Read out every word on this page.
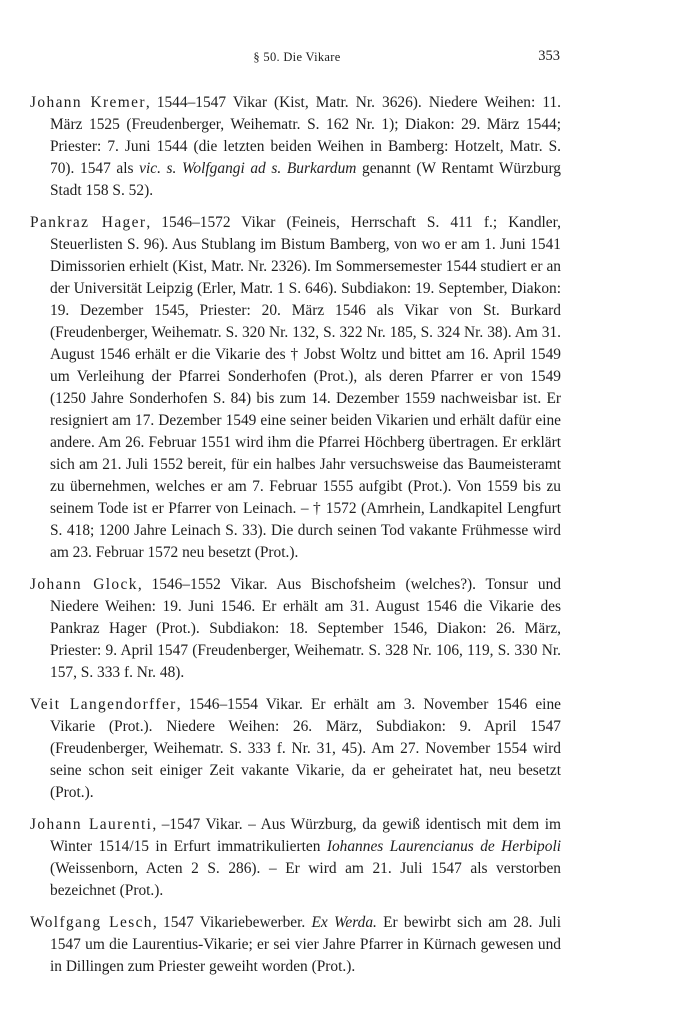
§ 50. Die Vikare	353

Johann Kremer, 1544–1547 Vikar (Kist, Matr. Nr. 3626). Niedere Weihen: 11. März 1525 (Freudenberger, Weihematr. S. 162 Nr. 1); Diakon: 29. März 1544; Priester: 7. Juni 1544 (die letzten beiden Weihen in Bamberg: Hotzelt, Matr. S. 70). 1547 als vic. s. Wolfgangi ad s. Burkardum genannt (W Rentamt Würzburg Stadt 158 S. 52).

Pankraz Hager, 1546–1572 Vikar (Feineis, Herrschaft S. 411 f.; Kandler, Steuerlisten S. 96). Aus Stublang im Bistum Bamberg, von wo er am 1. Juni 1541 Dimissorien erhielt (Kist, Matr. Nr. 2326). Im Sommersemester 1544 studiert er an der Universität Leipzig (Erler, Matr. 1 S. 646). Subdiakon: 19. September, Diakon: 19. Dezember 1545, Priester: 20. März 1546 als Vikar von St. Burkard (Freudenberger, Weihematr. S. 320 Nr. 132, S. 322 Nr. 185, S. 324 Nr. 38). Am 31. August 1546 erhält er die Vikarie des † Jobst Woltz und bittet am 16. April 1549 um Verleihung der Pfarrei Sonderhofen (Prot.), als deren Pfarrer er von 1549 (1250 Jahre Sonderhofen S. 84) bis zum 14. Dezember 1559 nachweisbar ist. Er resigniert am 17. Dezember 1549 eine seiner beiden Vikarien und erhält dafür eine andere. Am 26. Februar 1551 wird ihm die Pfarrei Höchberg übertragen. Er erklärt sich am 21. Juli 1552 bereit, für ein halbes Jahr versuchsweise das Baumeisteramt zu übernehmen, welches er am 7. Februar 1555 aufgibt (Prot.). Von 1559 bis zu seinem Tode ist er Pfarrer von Leinach. – † 1572 (Amrhein, Landkapitel Lengfurt S. 418; 1200 Jahre Leinach S. 33). Die durch seinen Tod vakante Frühmesse wird am 23. Februar 1572 neu besetzt (Prot.).

Johann Glock, 1546–1552 Vikar. Aus Bischofsheim (welches?). Tonsur und Niedere Weihen: 19. Juni 1546. Er erhält am 31. August 1546 die Vikarie des Pankraz Hager (Prot.). Subdiakon: 18. September 1546, Diakon: 26. März, Priester: 9. April 1547 (Freudenberger, Weihematr. S. 328 Nr. 106, 119, S. 330 Nr. 157, S. 333 f. Nr. 48).

Veit Langendorffer, 1546–1554 Vikar. Er erhält am 3. November 1546 eine Vikarie (Prot.). Niedere Weihen: 26. März, Subdiakon: 9. April 1547 (Freudenberger, Weihematr. S. 333 f. Nr. 31, 45). Am 27. November 1554 wird seine schon seit einiger Zeit vakante Vikarie, da er geheiratet hat, neu besetzt (Prot.).

Johann Laurenti, –1547 Vikar. – Aus Würzburg, da gewiß identisch mit dem im Winter 1514/15 in Erfurt immatrikulierten Iohannes Laurencianus de Herbipoli (Weissenborn, Acten 2 S. 286). – Er wird am 21. Juli 1547 als verstorben bezeichnet (Prot.).

Wolfgang Lesch, 1547 Vikariebewerber. Ex Werda. Er bewirbt sich am 28. Juli 1547 um die Laurentius-Vikarie; er sei vier Jahre Pfarrer in Kürnach gewesen und in Dillingen zum Priester geweiht worden (Prot.).
